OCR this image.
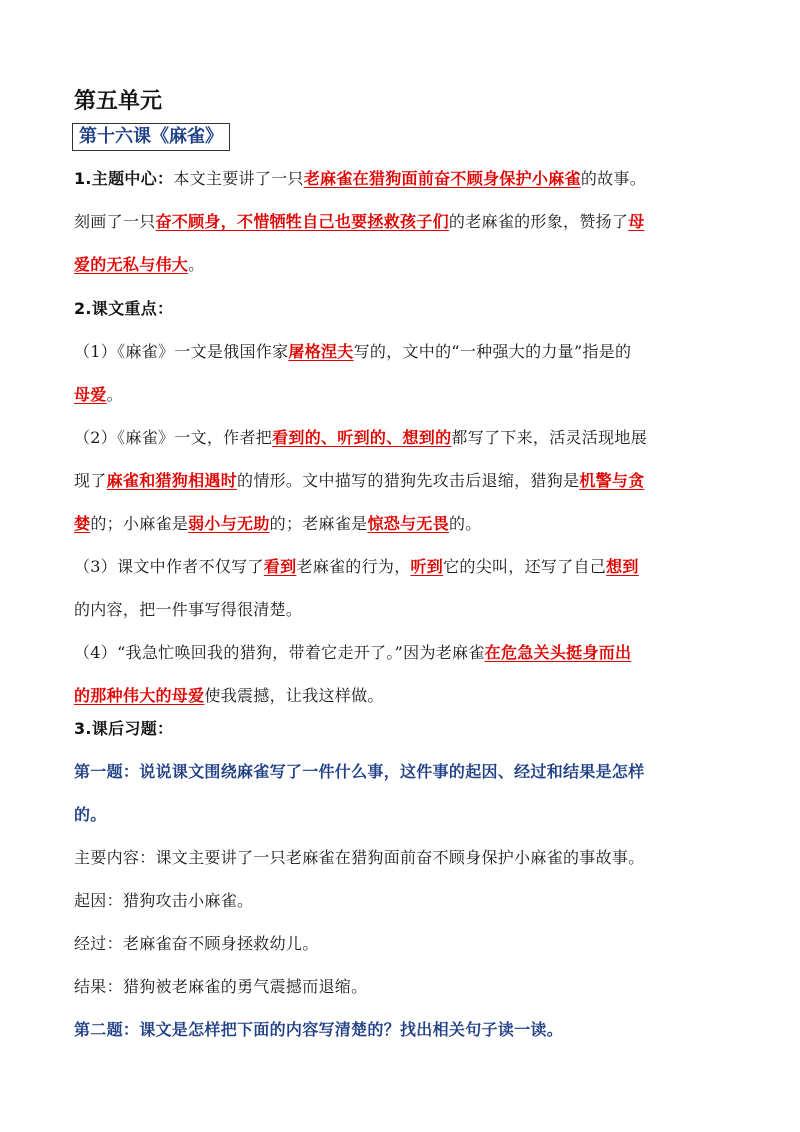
第五单元
第十六课《麻雀》
1.主题中心：本文主要讲了一只老麻雀在猎狗面前奋不顾身保护小麻雀的故事。
刻画了一只奋不顾身，不惜牺牲自己也要拯救孩子们的老麻雀的形象，赞扬了母
爱的无私与伟大。
2.课文重点：
（1）《麻雀》一文是俄国作家屠格涅夫写的，文中的“一种强大的力量”指是的
母爱。
（2）《麻雀》一文，作者把看到的、听到的、想到的都写了下来，活灵活现地展
现了麻雀和猎狗相遇时的情形。文中描写的猎狗先攻击后退缩，猎狗是机警与贪
婪的；小麻雀是弱小与无助的；老麻雀是惊恐与无畏的。
（3）课文中作者不仅写了看到老麻雀的行为，听到它的尖叫，还写了自己想到
的内容，把一件事写得很清楚。
（4）“我急忙唤回我的猎狗，带着它走开了。”因为老麻雀在危急关头挺身而出
的那种伟大的母爱使我震撼，让我这样做。
3.课后习题：
第一题：说说课文围绕麻雀写了一件什么事，这件事的起因、经过和结果是怎样
的。
主要内容：课文主要讲了一只老麻雀在猎狗面前奋不顾身保护小麻雀的事故事。
起因：猎狗攻击小麻雀。
经过：老麻雀奋不顾身拯救幼儿。
结果：猎狗被老麻雀的勇气震撼而退缩。
第二题：课文是怎样把下面的内容写清楚的？找出相关句子读一读。
